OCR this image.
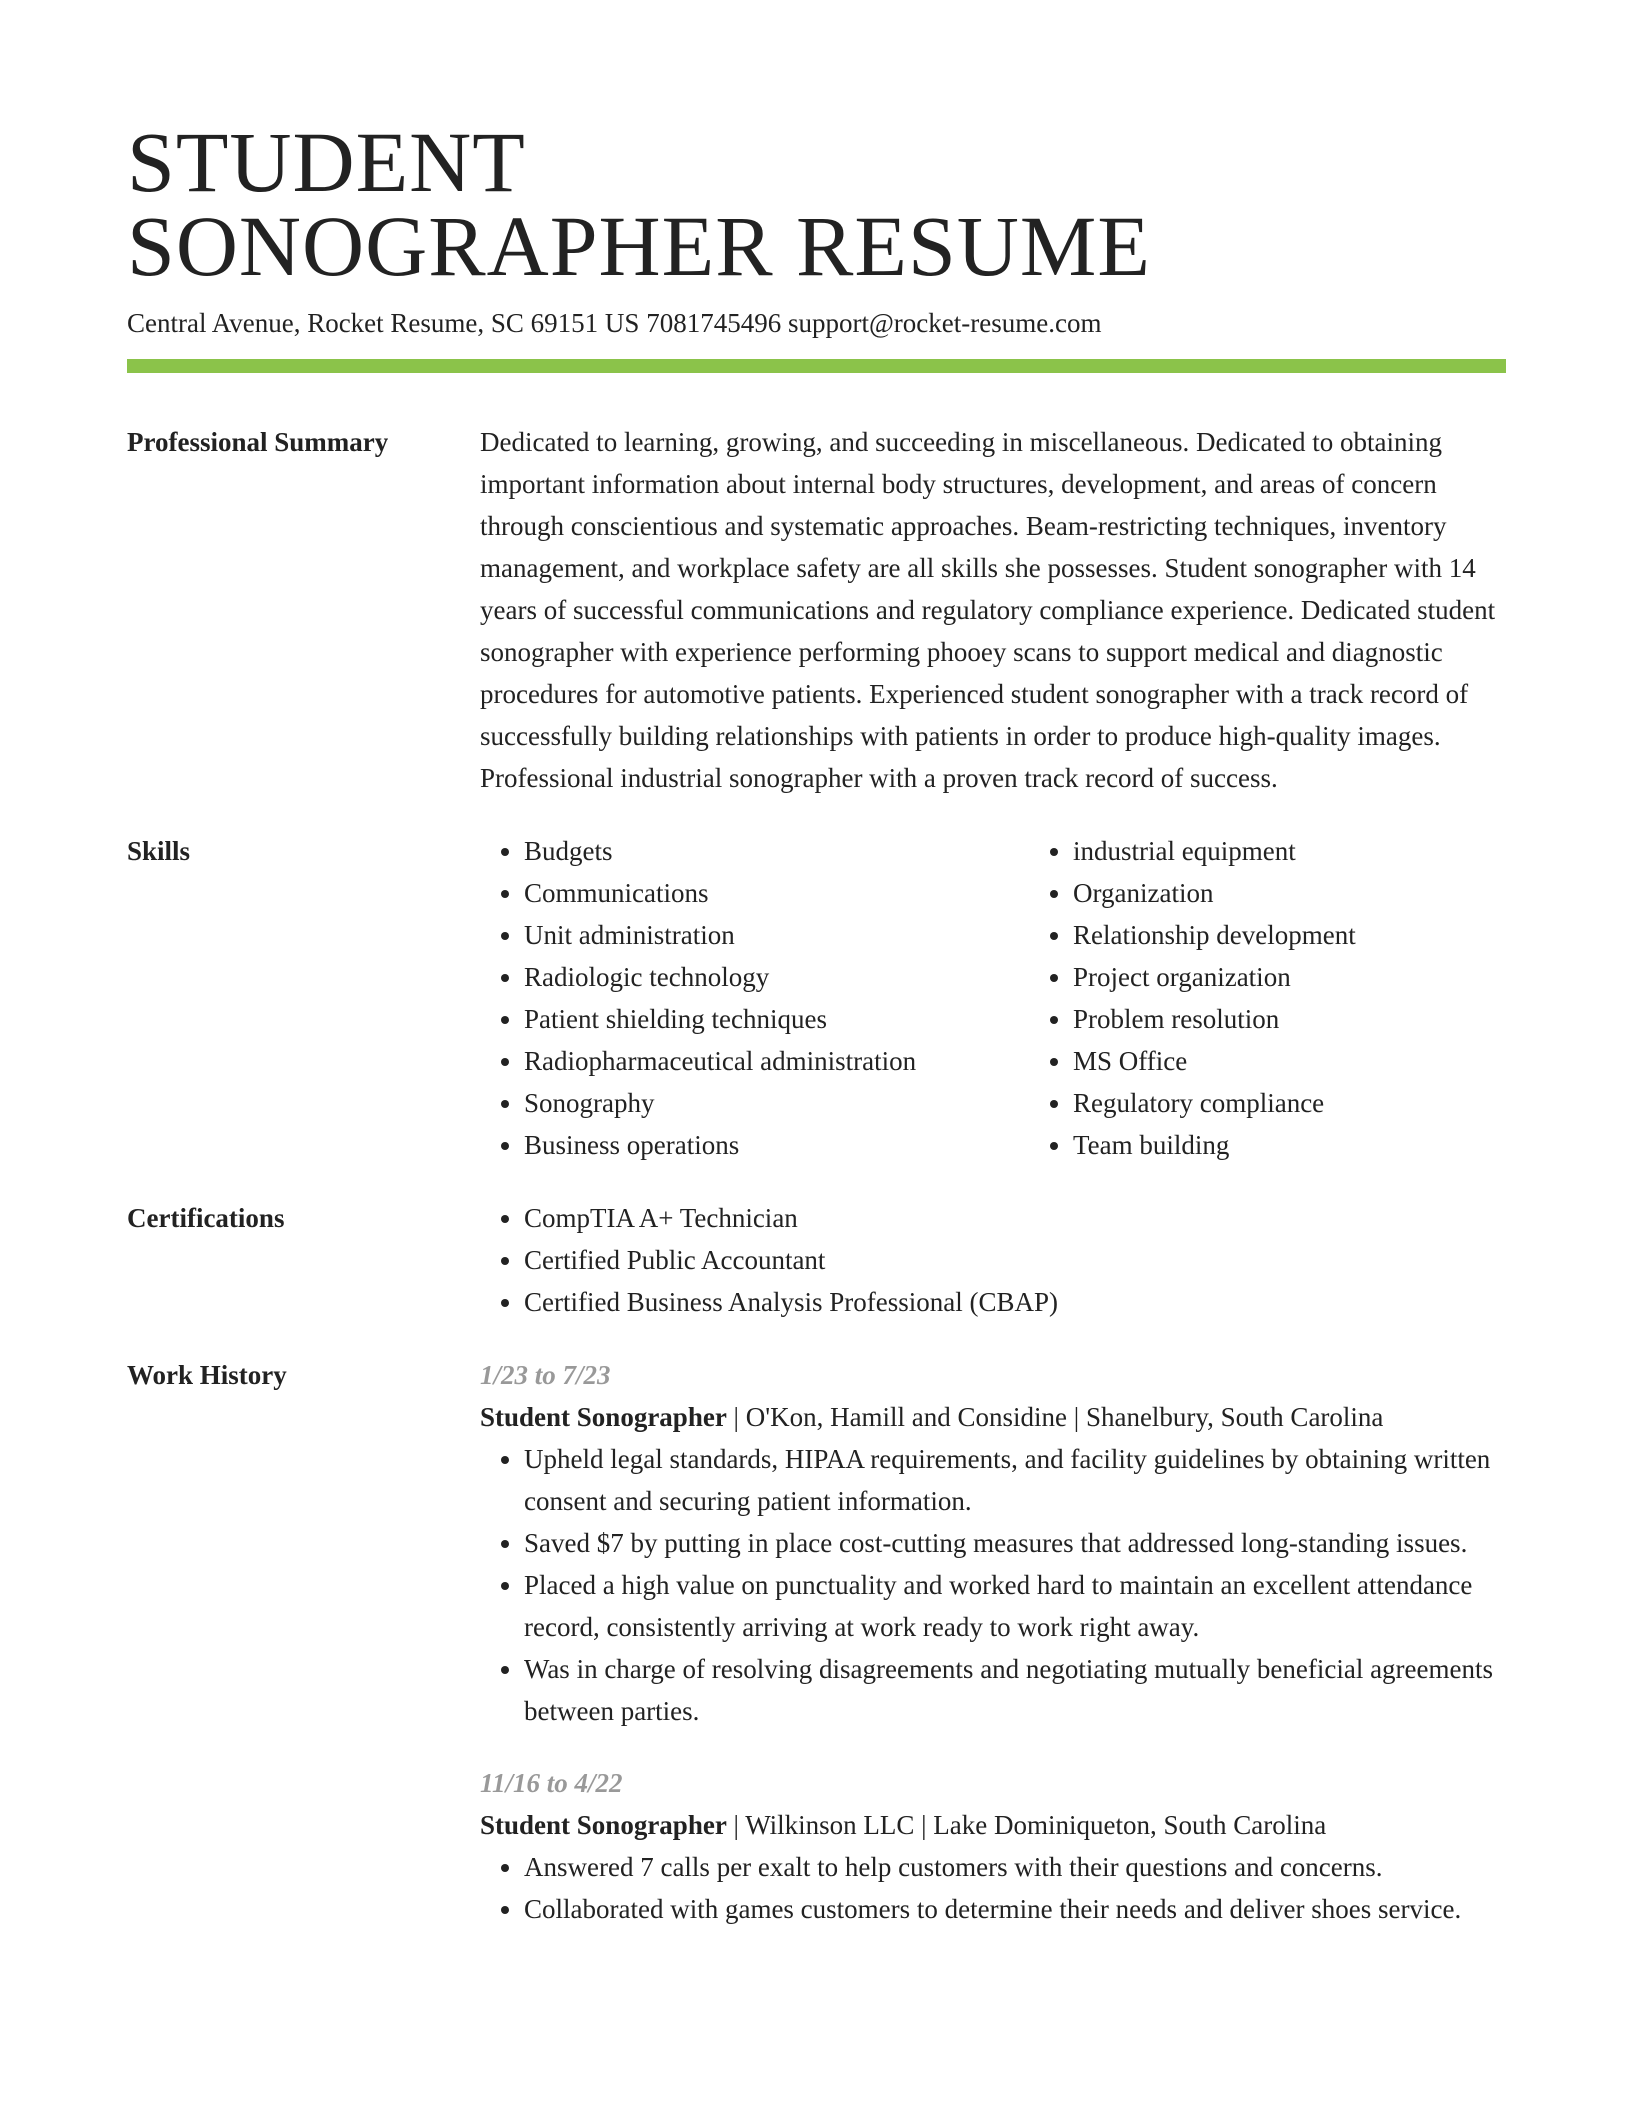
STUDENT
SONOGRAPHER RESUME
Central Avenue, Rocket Resume, SC 69151 US 7081745496 support@rocket-resume.com
Professional Summary	Dedicated to learning, growing, and succeeding in miscellaneous. Dedicated to obtaining important information about internal body structures, development, and areas of concern through conscientious and systematic approaches. Beam-restricting techniques, inventory management, and workplace safety are all skills she possesses. Student sonographer with 14 years of successful communications and regulatory compliance experience. Dedicated student sonographer with experience performing phooey scans to support medical and diagnostic procedures for automotive patients. Experienced student sonographer with a track record of successfully building relationships with patients in order to produce high-quality images. Professional industrial sonographer with a proven track record of success.

Skills	• Budgets
• Communications
• Unit administration
• Radiologic technology
• Patient shielding techniques
• Radiopharmaceutical administration
• Sonography
• Business operations
• industrial equipment
• Organization
• Relationship development
• Project organization
• Problem resolution
• MS Office
• Regulatory compliance
• Team building
Certifications	• CompTIA A+ Technician
• Certified Public Accountant
• Certified Business Analysis Professional (CBAP)
Work History	1/23 to 7/23
Student Sonographer | O'Kon, Hamill and Considine | Shanelbury, South Carolina
• Upheld legal standards, HIPAA requirements, and facility guidelines by obtaining written consent and securing patient information.
• Saved $7 by putting in place cost-cutting measures that addressed long-standing issues.
• Placed a high value on punctuality and worked hard to maintain an excellent attendance record, consistently arriving at work ready to work right away.
• Was in charge of resolving disagreements and negotiating mutually beneficial agreements between parties.
11/16 to 4/22
Student Sonographer | Wilkinson LLC | Lake Dominiqueton, South Carolina
• Answered 7 calls per exalt to help customers with their questions and concerns.
• Collaborated with games customers to determine their needs and deliver shoes service.
